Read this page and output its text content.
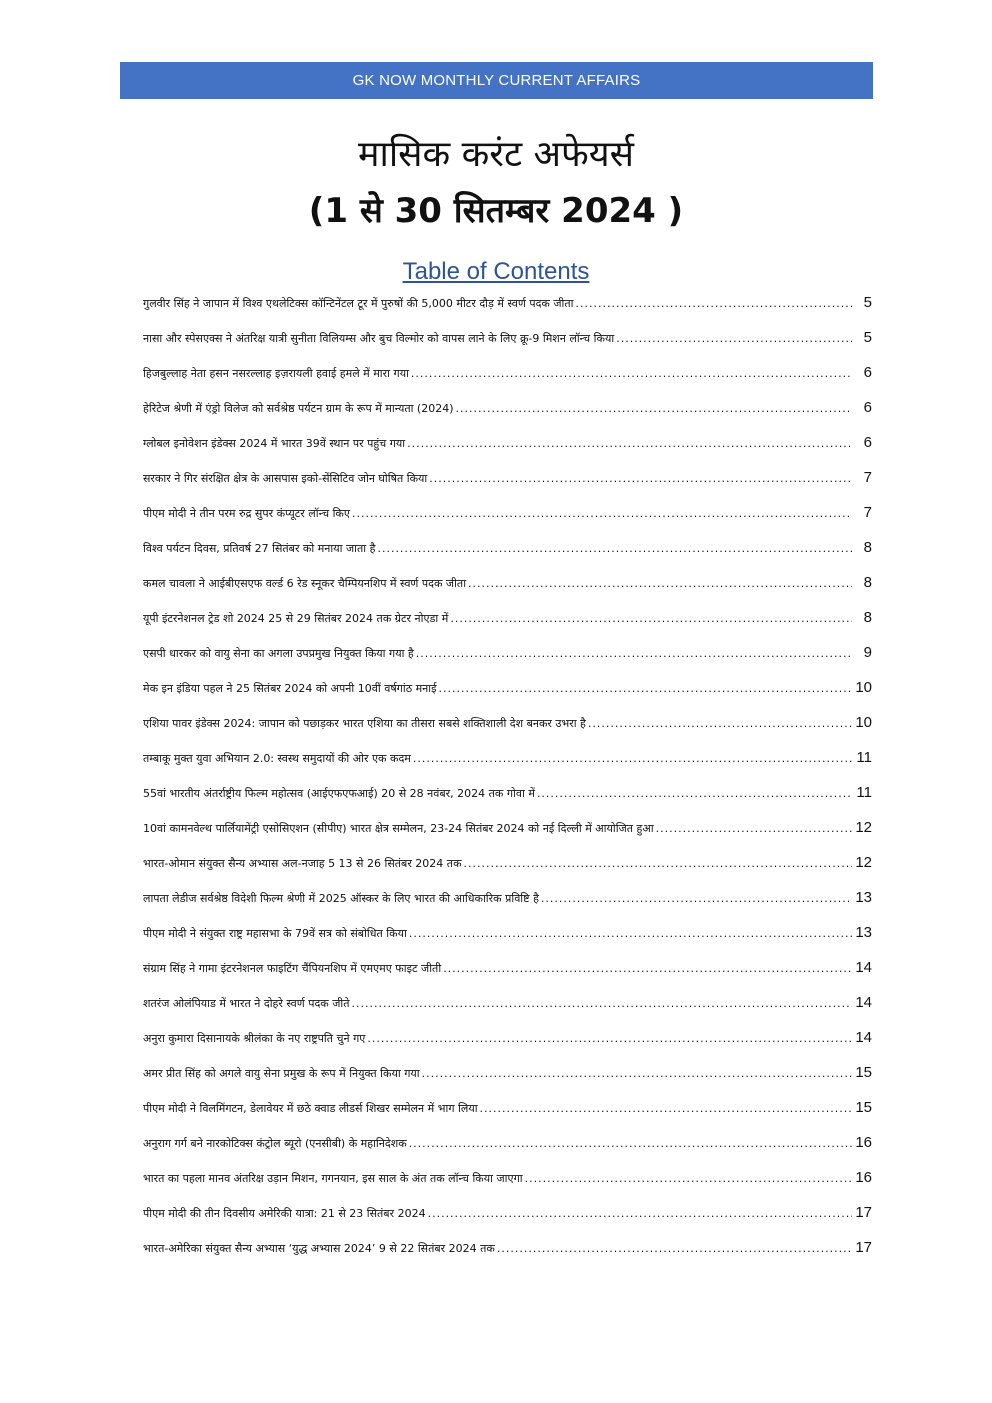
GK NOW MONTHLY CURRENT AFFAIRS
मासिक करंट अफेयर्स
(1 से 30 सितम्बर 2024 )
Table of Contents
गुलवीर सिंह ने जापान में विश्व एथलेटिक्स कॉन्टिनेंटल टूर में पुरुषों की 5,000 मीटर दौड़ में स्वर्ण पदक जीता .....	5
नासा और स्पेसएक्स ने अंतरिक्ष यात्री सुनीता विलियम्स और बुच विल्मोर को वापस लाने के लिए क्रू-9 मिशन लॉन्च किया .....	5
हिजबुल्लाह नेता हसन नसरल्लाह इज़रायली हवाई हमले में मारा गया .....	6
हेरिटेज श्रेणी में एंड्रो विलेज को सर्वश्रेष्ठ पर्यटन ग्राम के रूप में मान्यता (2024) .....	6
ग्लोबल इनोवेशन इंडेक्स 2024 में भारत 39वें स्थान पर पहुंच गया .....	6
सरकार ने गिर संरक्षित क्षेत्र के आसपास इको-सेंसिटिव जोन घोषित किया .....	7
पीएम मोदी ने तीन परम रुद्र सुपर कंप्यूटर लॉन्च किए .....	7
विश्व पर्यटन दिवस, प्रतिवर्ष 27 सितंबर को मनाया जाता है .....	8
कमल चावला ने आईबीएसएफ वर्ल्ड 6 रेड स्नूकर चैम्पियनशिप में स्वर्ण पदक जीता .....	8
यूपी इंटरनेशनल ट्रेड शो 2024 25 से 29 सितंबर 2024 तक ग्रेटर नोएडा में .....	8
एसपी धारकर को वायु सेना का अगला उपप्रमुख नियुक्त किया गया है .....	9
मेक इन इंडिया पहल ने 25 सितंबर 2024 को अपनी 10वीं वर्षगांठ मनाई .....	10
एशिया पावर इंडेक्स 2024: जापान को पछाड़कर भारत एशिया का तीसरा सबसे शक्तिशाली देश बनकर उभरा है .....	10
तम्बाकू मुक्त युवा अभियान 2.0: स्वस्थ समुदायों की ओर एक कदम .....	11
55वां भारतीय अंतर्राष्ट्रीय फिल्म महोत्सव (आईएफएफआई) 20 से 28 नवंबर, 2024 तक गोवा में .....	11
10वां कामनवेल्थ पार्लियामेंट्री एसोसिएशन (सीपीए) भारत क्षेत्र सम्मेलन, 23-24 सितंबर 2024 को नई दिल्ली में आयोजित हुआ .....	12
भारत-ओमान संयुक्त सैन्य अभ्यास अल-नजाह 5 13 से 26 सितंबर 2024 तक .....	12
लापता लेडीज सर्वश्रेष्ठ विदेशी फिल्म श्रेणी में 2025 ऑस्कर के लिए भारत की आधिकारिक प्रविष्टि है .....	13
पीएम मोदी ने संयुक्त राष्ट्र महासभा के 79वें सत्र को संबोधित किया .....	13
संग्राम सिंह ने गामा इंटरनेशनल फाइटिंग चैंपियनशिप में एमएमए फाइट जीती .....	14
शतरंज ओलंपियाड में भारत ने दोहरे स्वर्ण पदक जीते .....	14
अनुरा कुमारा दिसानायके श्रीलंका के नए राष्ट्रपति चुने गए .....	14
अमर प्रीत सिंह को अगले वायु सेना प्रमुख के रूप में नियुक्त किया गया .....	15
पीएम मोदी ने विलमिंगटन, डेलावेयर में छठे क्वाड लीडर्स शिखर सम्मेलन में भाग लिया .....	15
अनुराग गर्ग बने नारकोटिक्स कंट्रोल ब्यूरो (एनसीबी) के महानिदेशक .....	16
भारत का पहला मानव अंतरिक्ष उड़ान मिशन, गगनयान, इस साल के अंत तक लॉन्च किया जाएगा .....	16
पीएम मोदी की तीन दिवसीय अमेरिकी यात्रा: 21 से 23 सितंबर 2024 .....	17
भारत-अमेरिका संयुक्त सैन्य अभ्यास ‘युद्ध अभ्यास 2024’ 9 से 22 सितंबर 2024 तक .....	17
